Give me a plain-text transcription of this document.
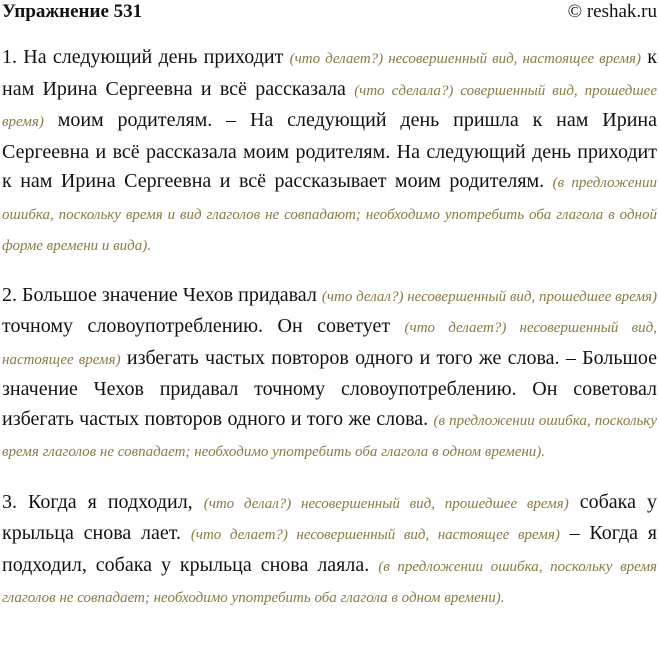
Упражнение 531	© reshak.ru

1. На следующий день приходит (что делает?) несовершенный вид, настоящее время) к нам Ирина Сергеевна и всё рассказала (что сделала?) совершенный вид, прошедшее время) моим родителям. – На следующий день пришла к нам Ирина Сергеевна и всё рассказала моим родителям. На следующий день приходит к нам Ирина Сергеевна и всё рассказывает моим родителям. (в предложении ошибка, поскольку время и вид глаголов не совпадают; необходимо употребить оба глагола в одной форме времени и вида).

2. Большое значение Чехов придавал (что делал?) несовершенный вид, прошедшее время) точному словоупотреблению. Он советует (что делает?) несовершенный вид, настоящее время) избегать частых повторов одного и того же слова. – Большое значение Чехов придавал точному словоупотреблению. Он советовал избегать частых повторов одного и того же слова. (в предложении ошибка, поскольку время глаголов не совпадает; необходимо употребить оба глагола в одном времени).

3. Когда я подходил, (что делал?) несовершенный вид, прошедшее время) собака у крыльца снова лает. (что делает?) несовершенный вид, настоящее время) – Когда я подходил, собака у крыльца снова лаяла. (в предложении ошибка, поскольку время глаголов не совпадает; необходимо употребить оба глагола в одном времени).
